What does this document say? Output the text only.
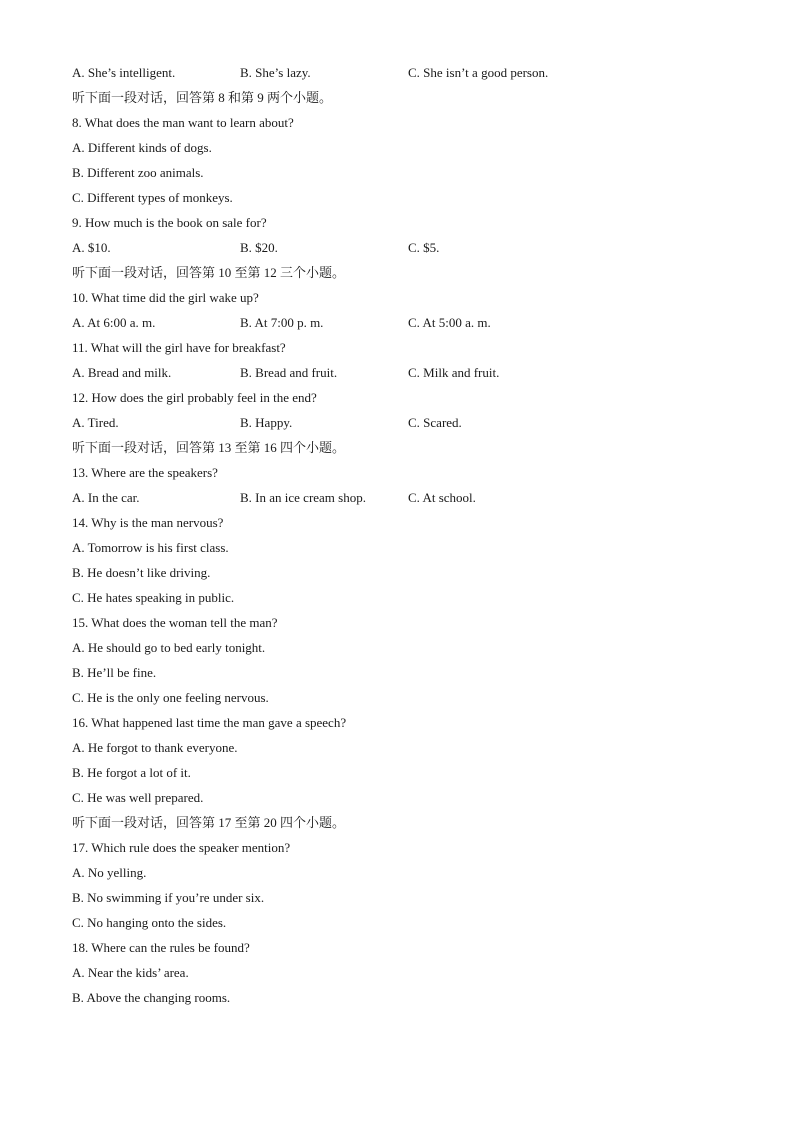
A. She’s intelligent.	B. She’s lazy.	C. She isn’t a good person.
听下面一段对话，回答第 8 和第 9 两个小题。
8. What does the man want to learn about?
A. Different kinds of dogs.
B. Different zoo animals.
C. Different types of monkeys.
9. How much is the book on sale for?
A. $10.	B. $20.	C. $5.
听下面一段对话，回答第 10 至第 12 三个小题。
10. What time did the girl wake up?
A. At 6:00 a. m.	B. At 7:00 p. m.	C. At 5:00 a. m.
11. What will the girl have for breakfast?
A. Bread and milk.	B. Bread and fruit.	C. Milk and fruit.
12. How does the girl probably feel in the end?
A. Tired.	B. Happy.	C. Scared.
听下面一段对话，回答第 13 至第 16 四个小题。
13. Where are the speakers?
A. In the car.	B. In an ice cream shop.	C. At school.
14. Why is the man nervous?
A. Tomorrow is his first class.
B. He doesn’t like driving.
C. He hates speaking in public.
15. What does the woman tell the man?
A. He should go to bed early tonight.
B. He’ll be fine.
C. He is the only one feeling nervous.
16. What happened last time the man gave a speech?
A. He forgot to thank everyone.
B. He forgot a lot of it.
C. He was well prepared.
听下面一段对话，回答第 17 至第 20 四个小题。
17. Which rule does the speaker mention?
A. No yelling.
B. No swimming if you’re under six.
C. No hanging onto the sides.
18. Where can the rules be found?
A. Near the kids’ area.
B. Above the changing rooms.
